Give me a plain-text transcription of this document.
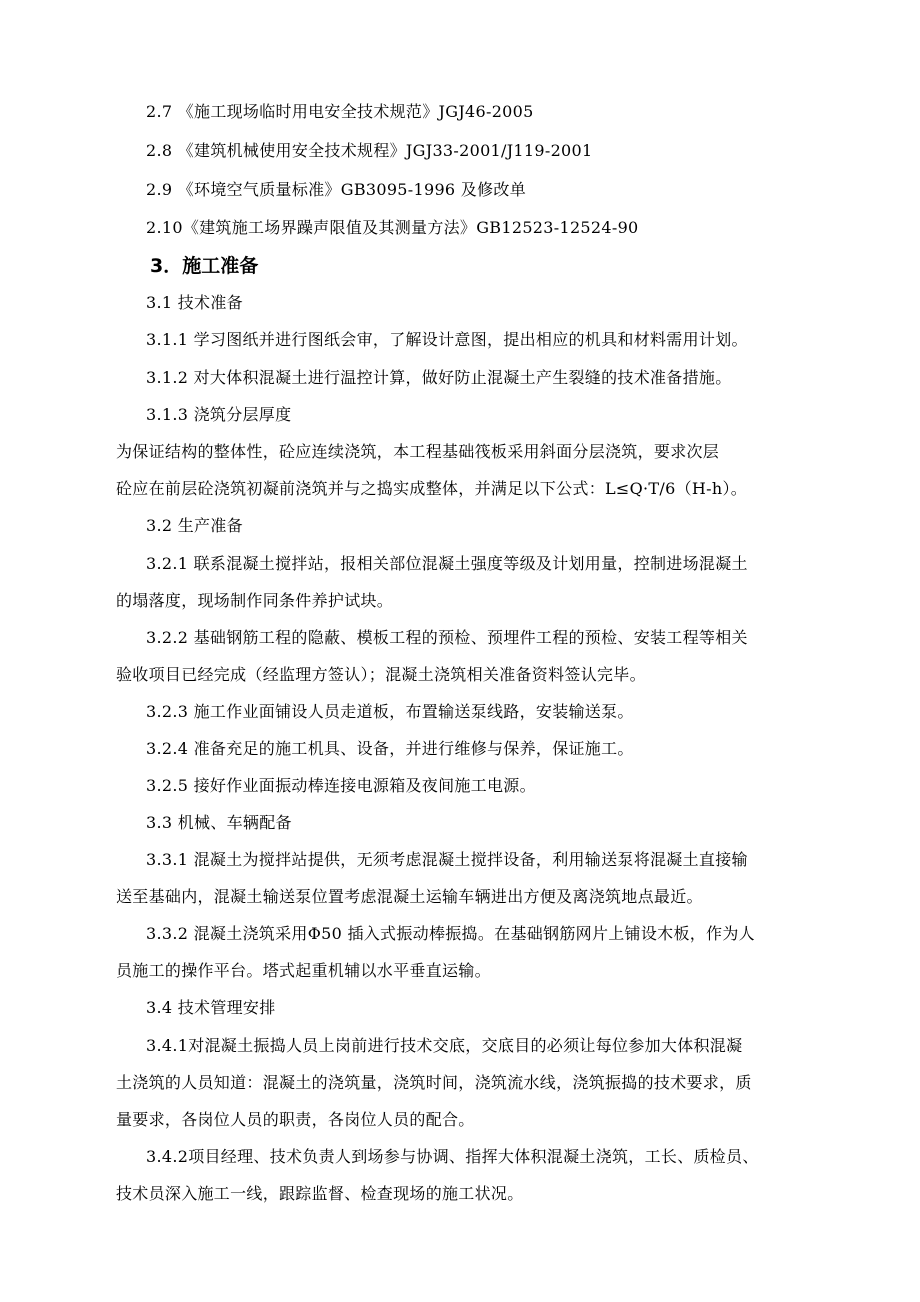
2.7 《施工现场临时用电安全技术规范》JGJ46-2005
2.8 《建筑机械使用安全技术规程》JGJ33-2001/J119-2001
2.9 《环境空气质量标准》GB3095-1996 及修改单
2.10《建筑施工场界躁声限值及其测量方法》GB12523-12524-90
3．施工准备
3.1 技术准备
3.1.1 学习图纸并进行图纸会审，了解设计意图，提出相应的机具和材料需用计划。
3.1.2 对大体积混凝土进行温控计算，做好防止混凝土产生裂缝的技术准备措施。
3.1.3 浇筑分层厚度
为保证结构的整体性，砼应连续浇筑，本工程基础筏板采用斜面分层浇筑，要求次层
砼应在前层砼浇筑初凝前浇筑并与之捣实成整体，并满足以下公式：L≤Q·T/6（H-h）。
3.2 生产准备
3.2.1 联系混凝土搅拌站，报相关部位混凝土强度等级及计划用量，控制进场混凝土
的塌落度，现场制作同条件养护试块。
3.2.2 基础钢筋工程的隐蔽、模板工程的预检、预埋件工程的预检、安装工程等相关
验收项目已经完成（经监理方签认）；混凝土浇筑相关准备资料签认完毕。
3.2.3 施工作业面铺设人员走道板，布置输送泵线路，安装输送泵。
3.2.4 准备充足的施工机具、设备，并进行维修与保养，保证施工。
3.2.5 接好作业面振动棒连接电源箱及夜间施工电源。
3.3 机械、车辆配备
3.3.1 混凝土为搅拌站提供，无须考虑混凝土搅拌设备，利用输送泵将混凝土直接输
送至基础内，混凝土输送泵位置考虑混凝土运输车辆进出方便及离浇筑地点最近。
3.3.2 混凝土浇筑采用Φ50 插入式振动棒振捣。在基础钢筋网片上铺设木板，作为人
员施工的操作平台。塔式起重机辅以水平垂直运输。
3.4 技术管理安排
3.4.1对混凝土振捣人员上岗前进行技术交底，交底目的必须让每位参加大体积混凝
土浇筑的人员知道：混凝土的浇筑量，浇筑时间，浇筑流水线，浇筑振捣的技术要求，质
量要求，各岗位人员的职责，各岗位人员的配合。
3.4.2项目经理、技术负责人到场参与协调、指挥大体积混凝土浇筑，工长、质检员、
技术员深入施工一线，跟踪监督、检查现场的施工状况。
